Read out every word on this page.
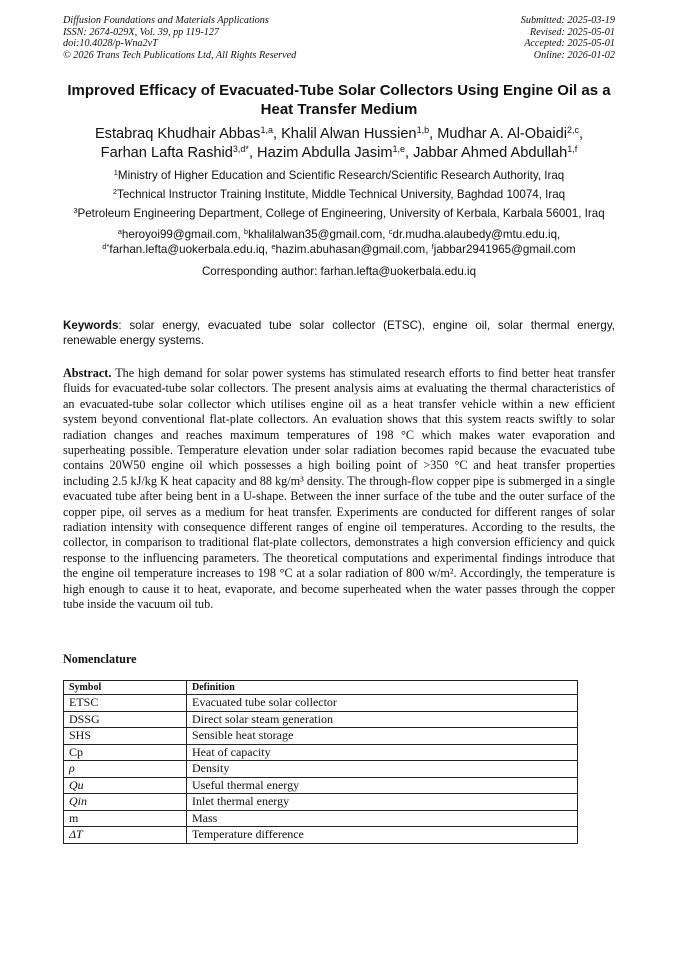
Diffusion Foundations and Materials Applications
ISSN: 2674-029X, Vol. 39, pp 119-127
doi:10.4028/p-Wna2vT
© 2026 Trans Tech Publications Ltd, All Rights Reserved
Submitted: 2025-03-19
Revised: 2025-05-01
Accepted: 2025-05-01
Online: 2026-01-02
Improved Efficacy of Evacuated-Tube Solar Collectors Using Engine Oil as a Heat Transfer Medium
Estabraq Khudhair Abbas$^{1,a}$, Khalil Alwan Hussien$^{1,b}$, Mudhar A. Al-Obaidi$^{2,c}$,
Farhan Lafta Rashid$^{3,d*}$, Hazim Abdulla Jasim$^{1,e}$, Jabbar Ahmed Abdullah$^{1,f}$
$^1$Ministry of Higher Education and Scientific Research/Scientific Research Authority, Iraq
$^2$Technical Instructor Training Institute, Middle Technical University, Baghdad 10074, Iraq
$^3$Petroleum Engineering Department, College of Engineering, University of Kerbala, Karbala 56001, Iraq
$^a$heroyoi99@gmail.com, $^b$khalilalwan35@gmail.com, $^c$dr.mudha.alaubedy@mtu.edu.iq,
$^{d*}$farhan.lefta@uokerbala.edu.iq, $^e$hazim.abuhasan@gmail.com, $^f$jabbar2941965@gmail.com
Corresponding author: farhan.lefta@uokerbala.edu.iq
Keywords: solar energy, evacuated tube solar collector (ETSC), engine oil, solar thermal energy, renewable energy systems.
Abstract. The high demand for solar power systems has stimulated research efforts to find better heat transfer fluids for evacuated-tube solar collectors. The present analysis aims at evaluating the thermal characteristics of an evacuated-tube solar collector which utilises engine oil as a heat transfer vehicle within a new efficient system beyond conventional flat-plate collectors. An evaluation shows that this system reacts swiftly to solar radiation changes and reaches maximum temperatures of 198 °C which makes water evaporation and superheating possible. Temperature elevation under solar radiation becomes rapid because the evacuated tube contains 20W50 engine oil which possesses a high boiling point of >350 °C and heat transfer properties including 2.5 kJ/kg K heat capacity and 88 kg/m³ density. The through-flow copper pipe is submerged in a single evacuated tube after being bent in a U-shape. Between the inner surface of the tube and the outer surface of the copper pipe, oil serves as a medium for heat transfer. Experiments are conducted for different ranges of solar radiation intensity with consequence different ranges of engine oil temperatures. According to the results, the collector, in comparison to traditional flat-plate collectors, demonstrates a high conversion efficiency and quick response to the influencing parameters. The theoretical computations and experimental findings introduce that the engine oil temperature increases to 198 °C at a solar radiation of 800 w/m². Accordingly, the temperature is high enough to cause it to heat, evaporate, and become superheated when the water passes through the copper tube inside the vacuum oil tub.
Nomenclature
Symbol	Definition
ETSC	Evacuated tube solar collector
DSSG	Direct solar steam generation
SHS	Sensible heat storage
Cp	Heat of capacity
ρ	Density
Qu	Useful thermal energy
Qin	Inlet thermal energy
m	Mass
ΔT	Temperature difference
